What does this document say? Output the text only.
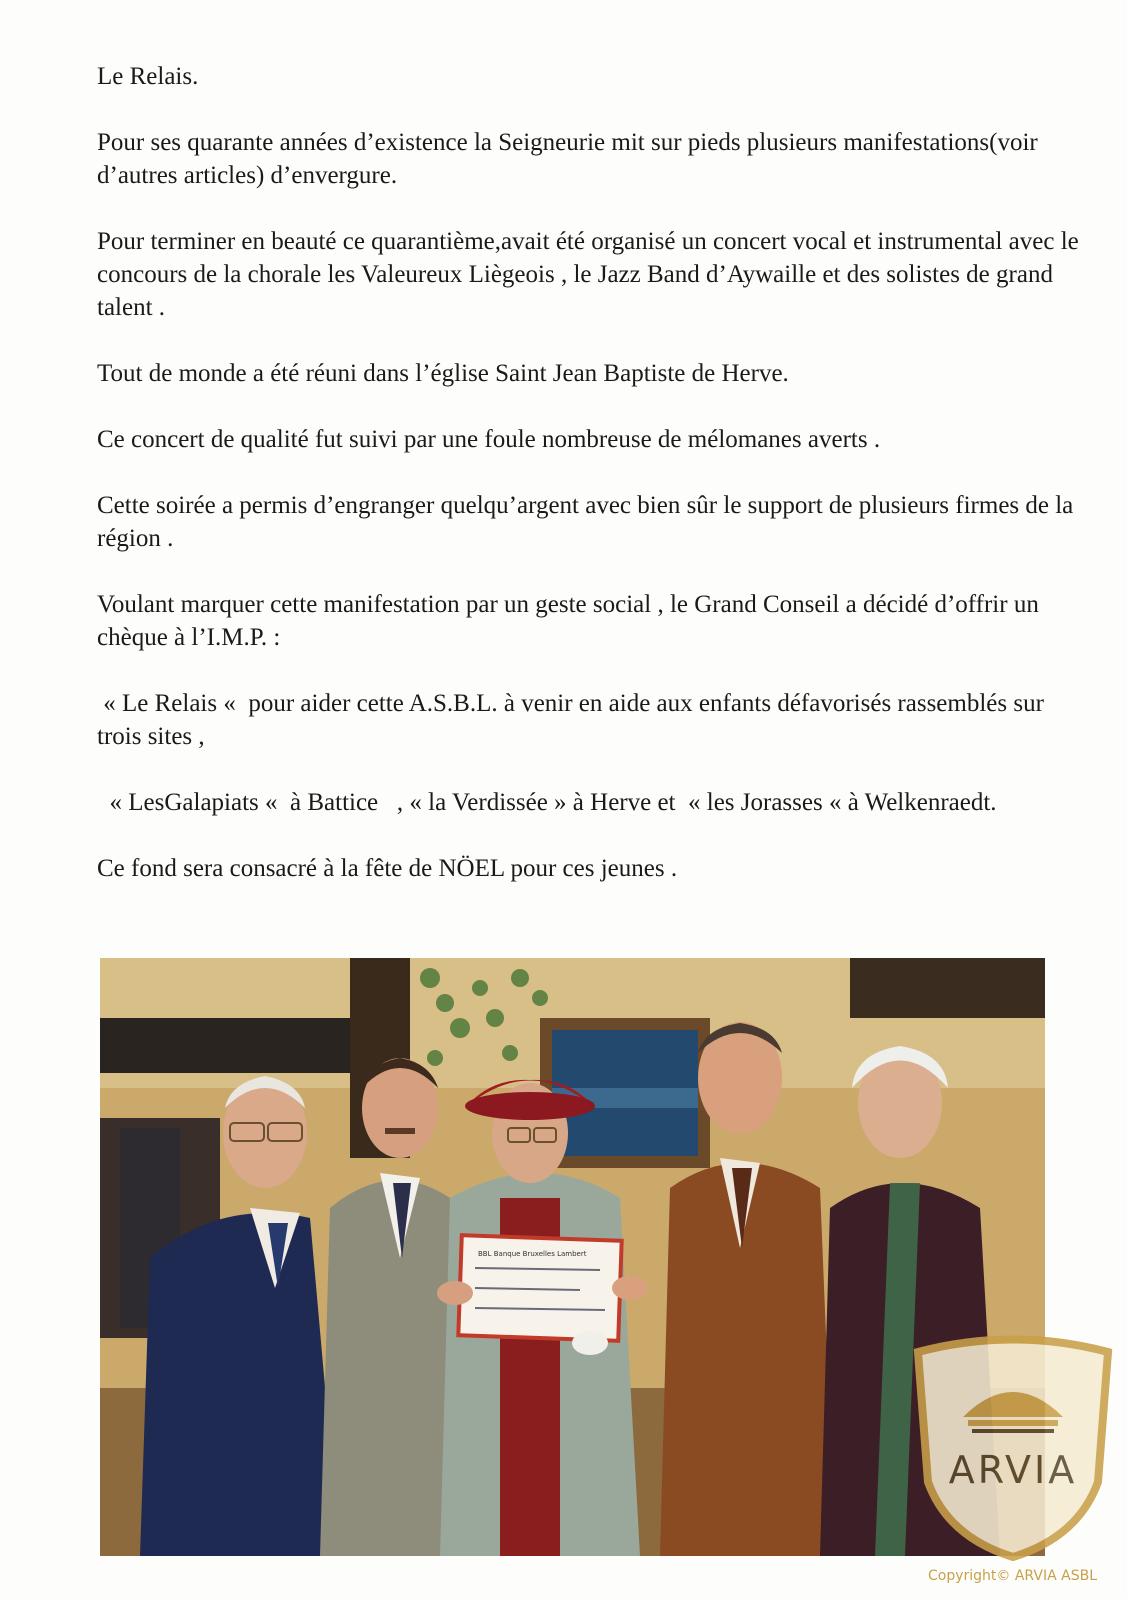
Le Relais.

Pour ses quarante années d’existence la Seigneurie mit sur pieds plusieurs manifestations(voir d’autres articles) d’envergure.

Pour terminer en beauté ce quarantième,avait été organisé un concert vocal et instrumental avec le concours de la chorale les Valeureux Liègeois , le Jazz Band d’Aywaille et des solistes de grand talent .

Tout de monde a été réuni dans l’église Saint Jean Baptiste de Herve.

Ce concert de qualité fut suivi par une foule nombreuse de mélomanes averts .

Cette soirée a permis d’engranger quelqu’argent avec bien sûr le support de plusieurs firmes de la région .

Voulant marquer cette manifestation par un geste social , le Grand Conseil a décidé d’offrir un chèque à l’I.M.P. :

« Le Relais «  pour aider cette A.S.B.L. à venir en aide aux enfants défavorisés rassemblés sur trois sites ,

« LesGalapiats «  à Battice   , « la Verdissée » à Herve et  « les Jorasses « à Welkenraedt.

Ce fond sera consacré à la fête de NÖEL pour ces jeunes .

BBL Banque Bruxelles Lambert
ARVIA
Copyright© ARVIA ASBL
